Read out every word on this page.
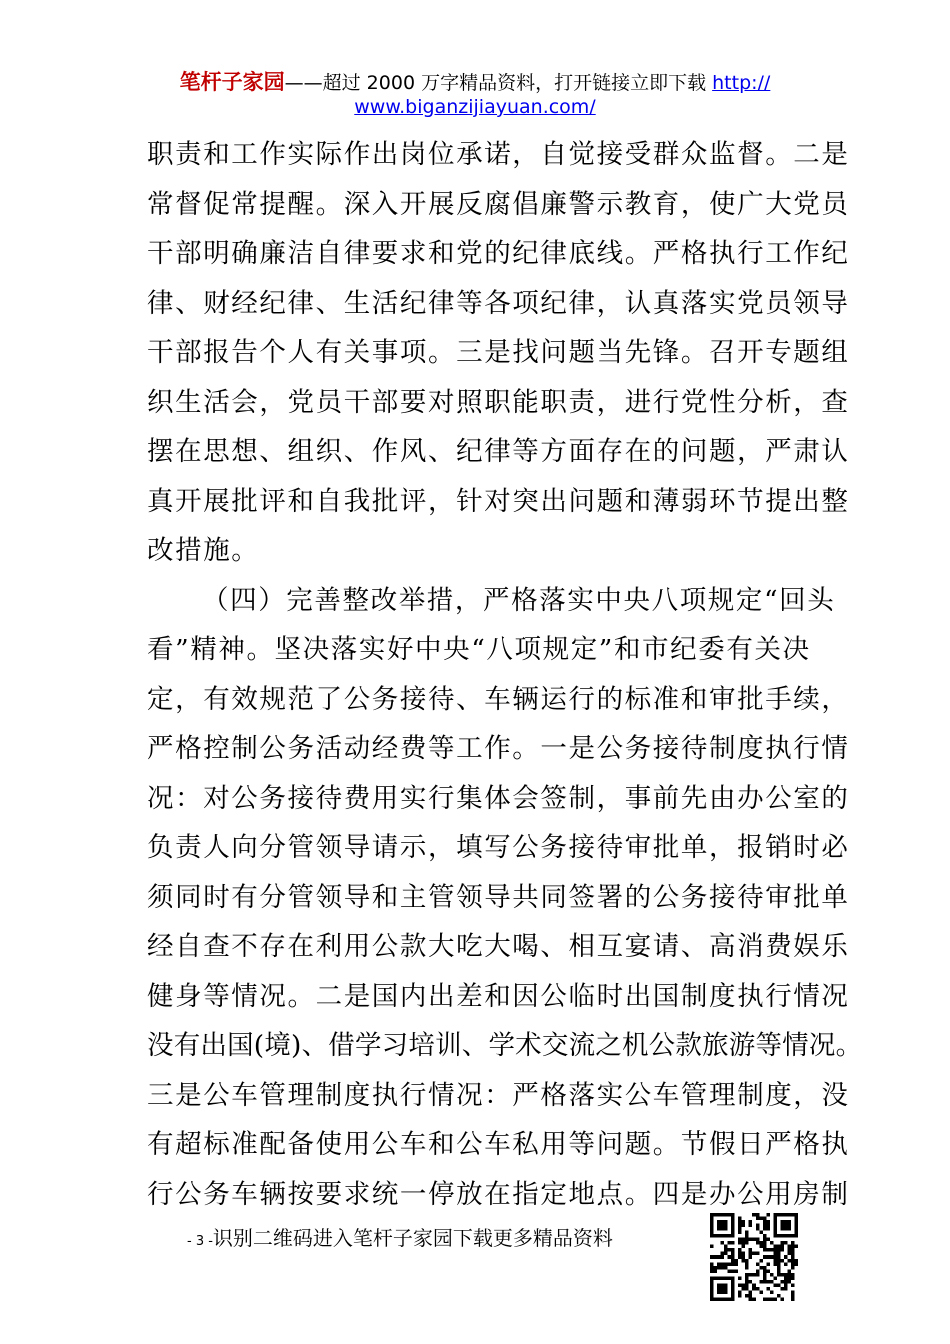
笔杆子家园——超过 2000 万字精品资料，打开链接立即下载 http://
www.biganzijiayuan.com/
职责和工作实际作出岗位承诺，自觉接受群众监督。二是
常督促常提醒。深入开展反腐倡廉警示教育，使广大党员
干部明确廉洁自律要求和党的纪律底线。严格执行工作纪
律、财经纪律、生活纪律等各项纪律，认真落实党员领导
干部报告个人有关事项。三是找问题当先锋。召开专题组
织生活会，党员干部要对照职能职责，进行党性分析，查
摆在思想、组织、作风、纪律等方面存在的问题，严肃认
真开展批评和自我批评，针对突出问题和薄弱环节提出整
改措施。
（四）完善整改举措，严格落实中央八项规定“回头
看”精神。坚决落实好中央“八项规定”和市纪委有关决
定，有效规范了公务接待、车辆运行的标准和审批手续，
严格控制公务活动经费等工作。一是公务接待制度执行情
况：对公务接待费用实行集体会签制，事前先由办公室的
负责人向分管领导请示，填写公务接待审批单，报销时必
须同时有分管领导和主管领导共同签署的公务接待审批单
经自查不存在利用公款大吃大喝、相互宴请、高消费娱乐
健身等情况。二是国内出差和因公临时出国制度执行情况
没有出国(境)、借学习培训、学术交流之机公款旅游等情况。
三是公车管理制度执行情况：严格落实公车管理制度，没
有超标准配备使用公车和公车私用等问题。节假日严格执
行公务车辆按要求统一停放在指定地点。四是办公用房制
- 3 -识别二维码进入笔杆子家园下载更多精品资料
